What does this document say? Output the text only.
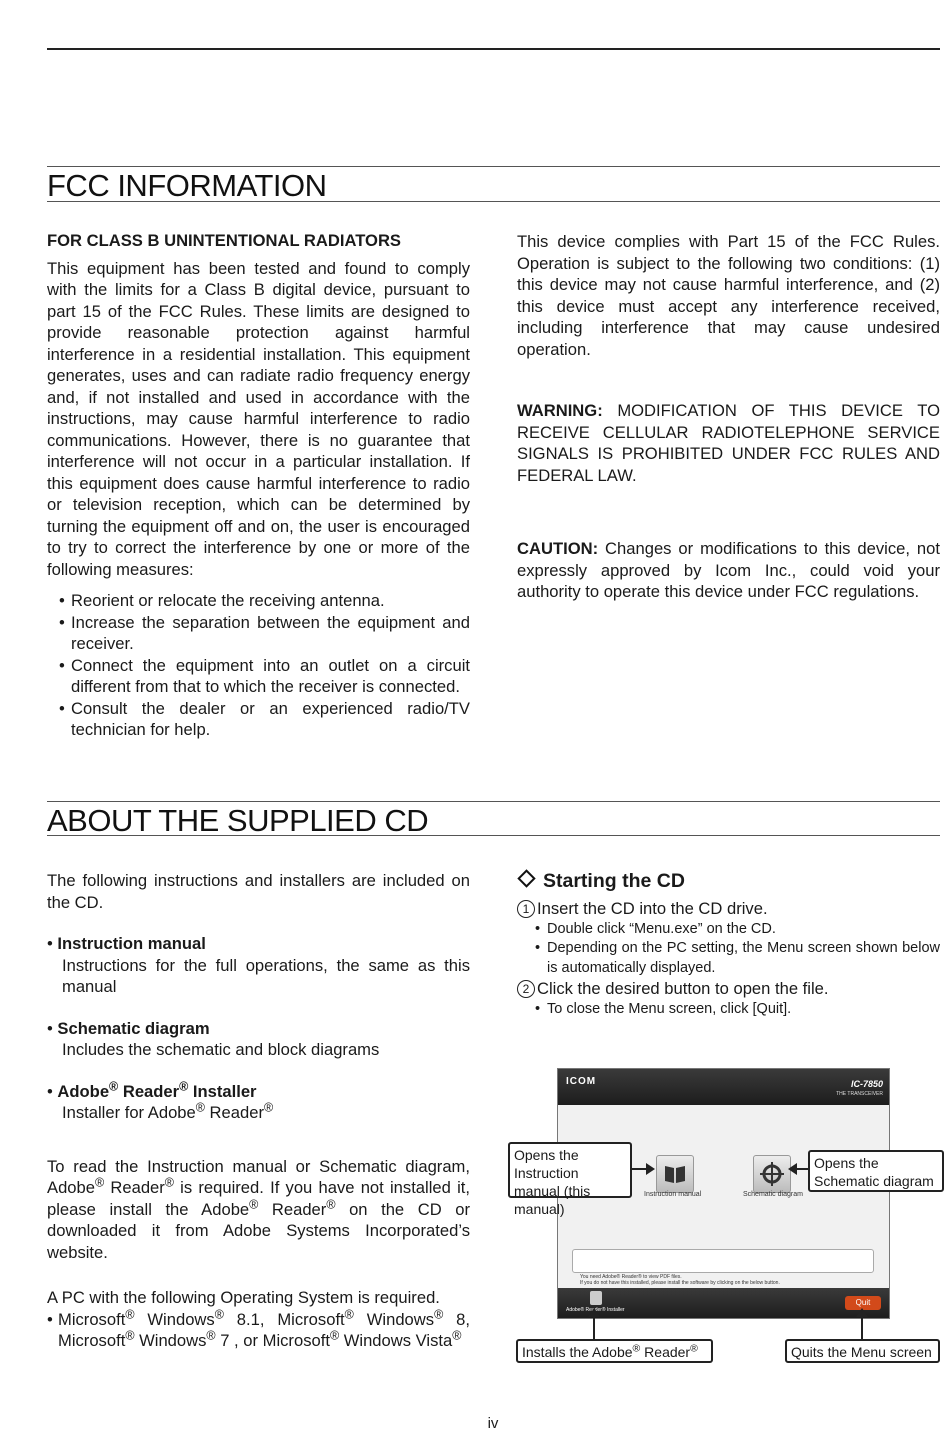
FCC INFORMATION

FOR CLASS B UNINTENTIONAL RADIATORS

This equipment has been tested and found to comply with the limits for a Class B digital device, pursuant to part 15 of the FCC Rules. These limits are designed to provide reasonable protection against harmful interference in a residential installation. This equipment generates, uses and can radiate radio frequency energy and, if not installed and used in accordance with the instructions, may cause harmful interference to radio communications. However, there is no guarantee that interference will not occur in a particular installation. If this equipment does cause harmful interference to radio or television reception, which can be determined by turning the equipment off and on, the user is encouraged to try to correct the interference by one or more of the following measures:

• Reorient or relocate the receiving antenna.
• Increase the separation between the equipment and receiver.
• Connect the equipment into an outlet on a circuit different from that to which the receiver is connected.
• Consult the dealer or an experienced radio/TV technician for help.

This device complies with Part 15 of the FCC Rules. Operation is subject to the following two conditions: (1) this device may not cause harmful interference, and (2) this device must accept any interference received, including interference that may cause undesired operation.

WARNING: MODIFICATION OF THIS DEVICE TO RECEIVE CELLULAR RADIOTELEPHONE SERVICE SIGNALS IS PROHIBITED UNDER FCC RULES AND FEDERAL LAW.

CAUTION: Changes or modifications to this device, not expressly approved by Icom Inc., could void your authority to operate this device under FCC regulations.

ABOUT THE SUPPLIED CD

The following instructions and installers are included on the CD.

• Instruction manual
Instructions for the full operations, the same as this manual
• Schematic diagram
Includes the schematic and block diagrams
• Adobe® Reader® Installer
Installer for Adobe® Reader®

To read the Instruction manual or Schematic diagram, Adobe® Reader® is required. If you have not installed it, please install the Adobe® Reader® on the CD or downloaded it from Adobe Systems Incorporated’s website.

A PC with the following Operating System is required.

• Microsoft® Windows® 8.1, Microsoft® Windows® 8, Microsoft® Windows® 7 , or Microsoft® Windows Vista®

Starting the CD
1 Insert the CD into the CD drive.
• Double click “Menu.exe” on the CD.
• Depending on the PC setting, the Menu screen shown below is automatically displayed.
2 Click the desired button to open the file.
• To close the Menu screen, click [Quit].
ICOM	IC-7850
THE TRANSCEIVER
Instruction manual	Schematic diagram
You need Adobe® Reader® to view PDF files.
If you do not have this installed, please install the software by clicking on the below button.
Adobe® Reader® Installer
Quit
Opens the Instruction manual (this manual)
Opens the Schematic diagram
Installs the Adobe® Reader®	Quits the Menu screen
iv
